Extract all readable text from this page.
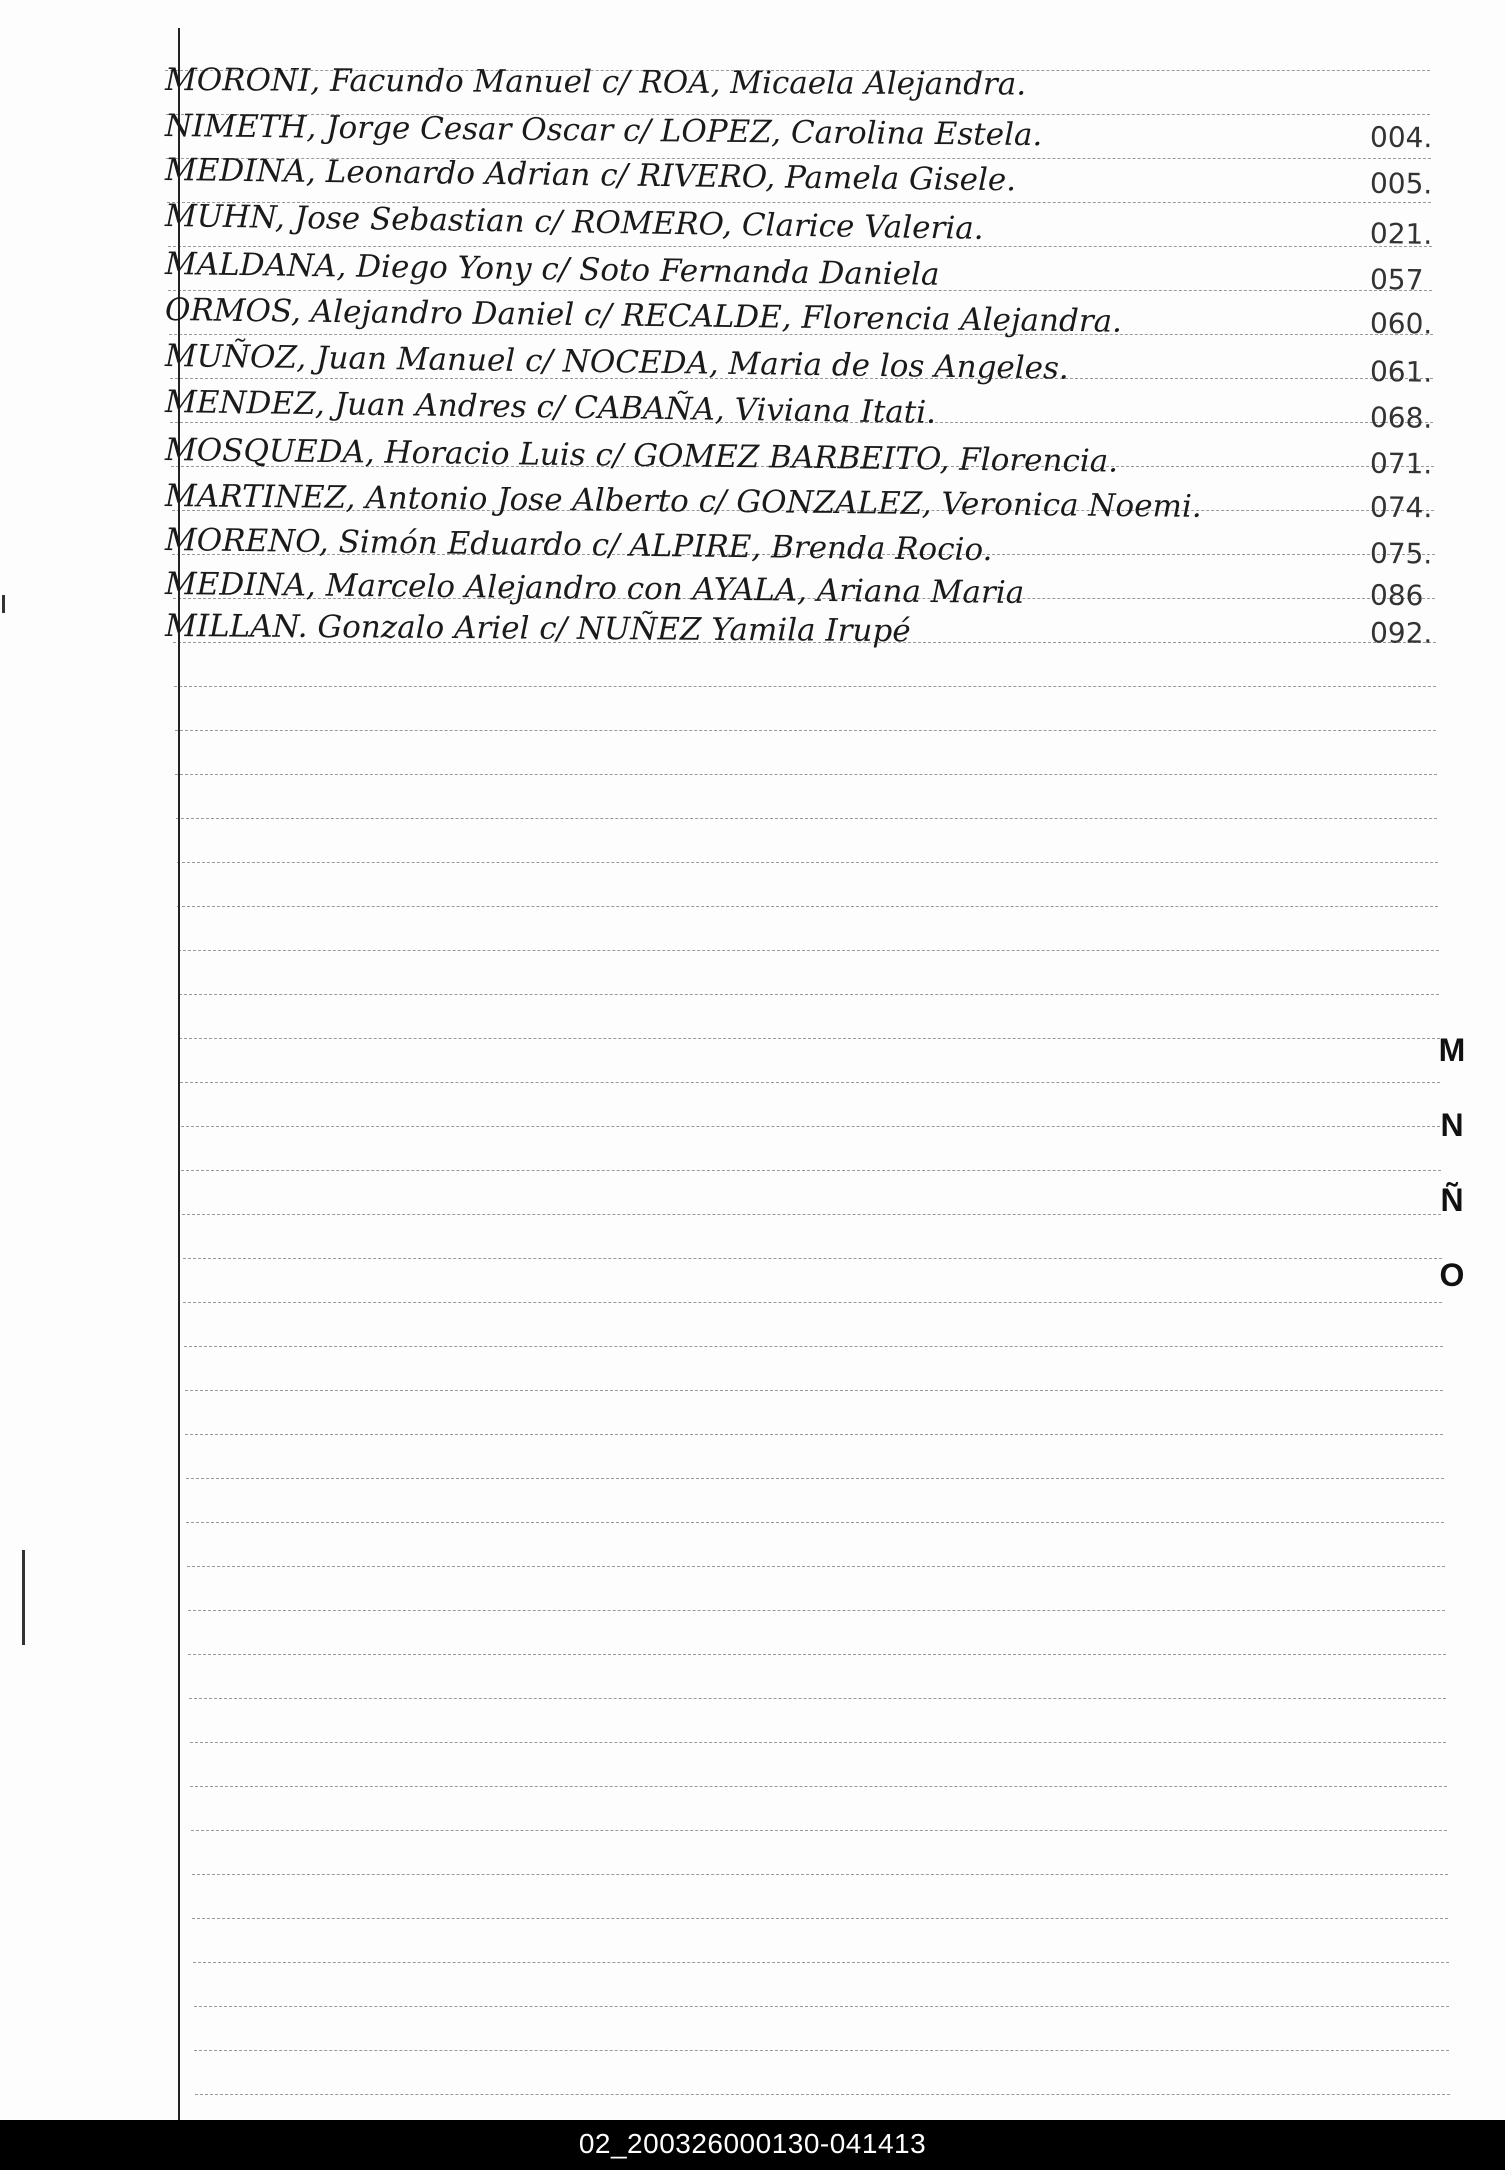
MORONI, Facundo Manuel c/ ROA, Micaela Alejandra.
NIMETH, Jorge Cesar Oscar c/ LOPEZ, Carolina Estela.	004.
MEDINA, Leonardo Adrian c/ RIVERO, Pamela Gisele.	005.
MUHN, Jose Sebastian c/ ROMERO, Clarice Valeria.	021.
MALDANA, Diego Yony c/ Soto Fernanda Daniela	057
ORMOS, Alejandro Daniel c/ RECALDE, Florencia Alejandra.	060.
MUÑOZ, Juan Manuel c/ NOCEDA, Maria de los Angeles.	061.
MENDEZ, Juan Andres c/ CABAÑA, Viviana Itati.	068.
MOSQUEDA, Horacio Luis c/ GOMEZ BARBEITO, Florencia.	071.
MARTINEZ, Antonio Jose Alberto c/ GONZALEZ, Veronica Noemi.	074.
MORENO, Simón Eduardo c/ ALPIRE, Brenda Rocio.	075.
MEDINA, Marcelo Alejandro con AYALA, Ariana Maria	086
MILLAN. Gonzalo Ariel c/ NUÑEZ Yamila Irupé	092.
M
N
Ñ
O
02_200326000130-041413
